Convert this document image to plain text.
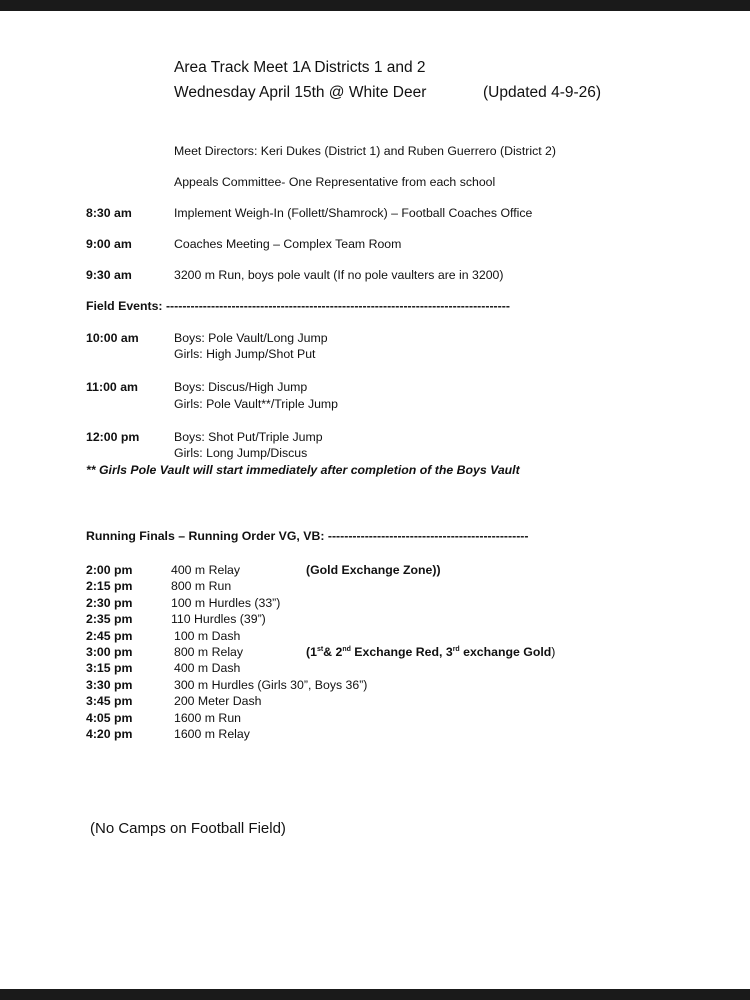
Area Track Meet 1A Districts 1 and 2
Wednesday April 15th @ White Deer	(Updated 4-9-26)
Meet Directors: Keri Dukes (District 1) and Ruben Guerrero (District 2)
Appeals Committee- One Representative from each school
8:30 am	Implement Weigh-In (Follett/Shamrock) – Football Coaches Office
9:00 am	Coaches Meeting – Complex Team Room
9:30 am	3200 m Run, boys pole vault (If no pole vaulters are in 3200)
Field Events: ------------------------------------------------------------------------------------
10:00 am	Boys: Pole Vault/Long Jump
Girls: High Jump/Shot Put
11:00 am	Boys: Discus/High Jump
Girls: Pole Vault**/Triple Jump
12:00 pm	Boys: Shot Put/Triple Jump
Girls: Long Jump/Discus
** Girls Pole Vault will start immediately after completion of the Boys Vault
Running Finals – Running Order VG, VB: -------------------------------------------------
2:00 pm	400 m Relay	(Gold Exchange Zone))
2:15 pm	800 m Run
2:30 pm	100 m Hurdles (33”)
2:35 pm	110 Hurdles (39”)
2:45 pm	100 m Dash
3:00 pm	800 m Relay	(1st& 2nd Exchange Red, 3rd exchange Gold)
3:15 pm	400 m Dash
3:30 pm	300 m Hurdles (Girls 30”, Boys 36”)
3:45 pm	200 Meter Dash
4:05 pm	1600 m Run
4:20 pm	1600 m Relay
(No Camps on Football Field)
